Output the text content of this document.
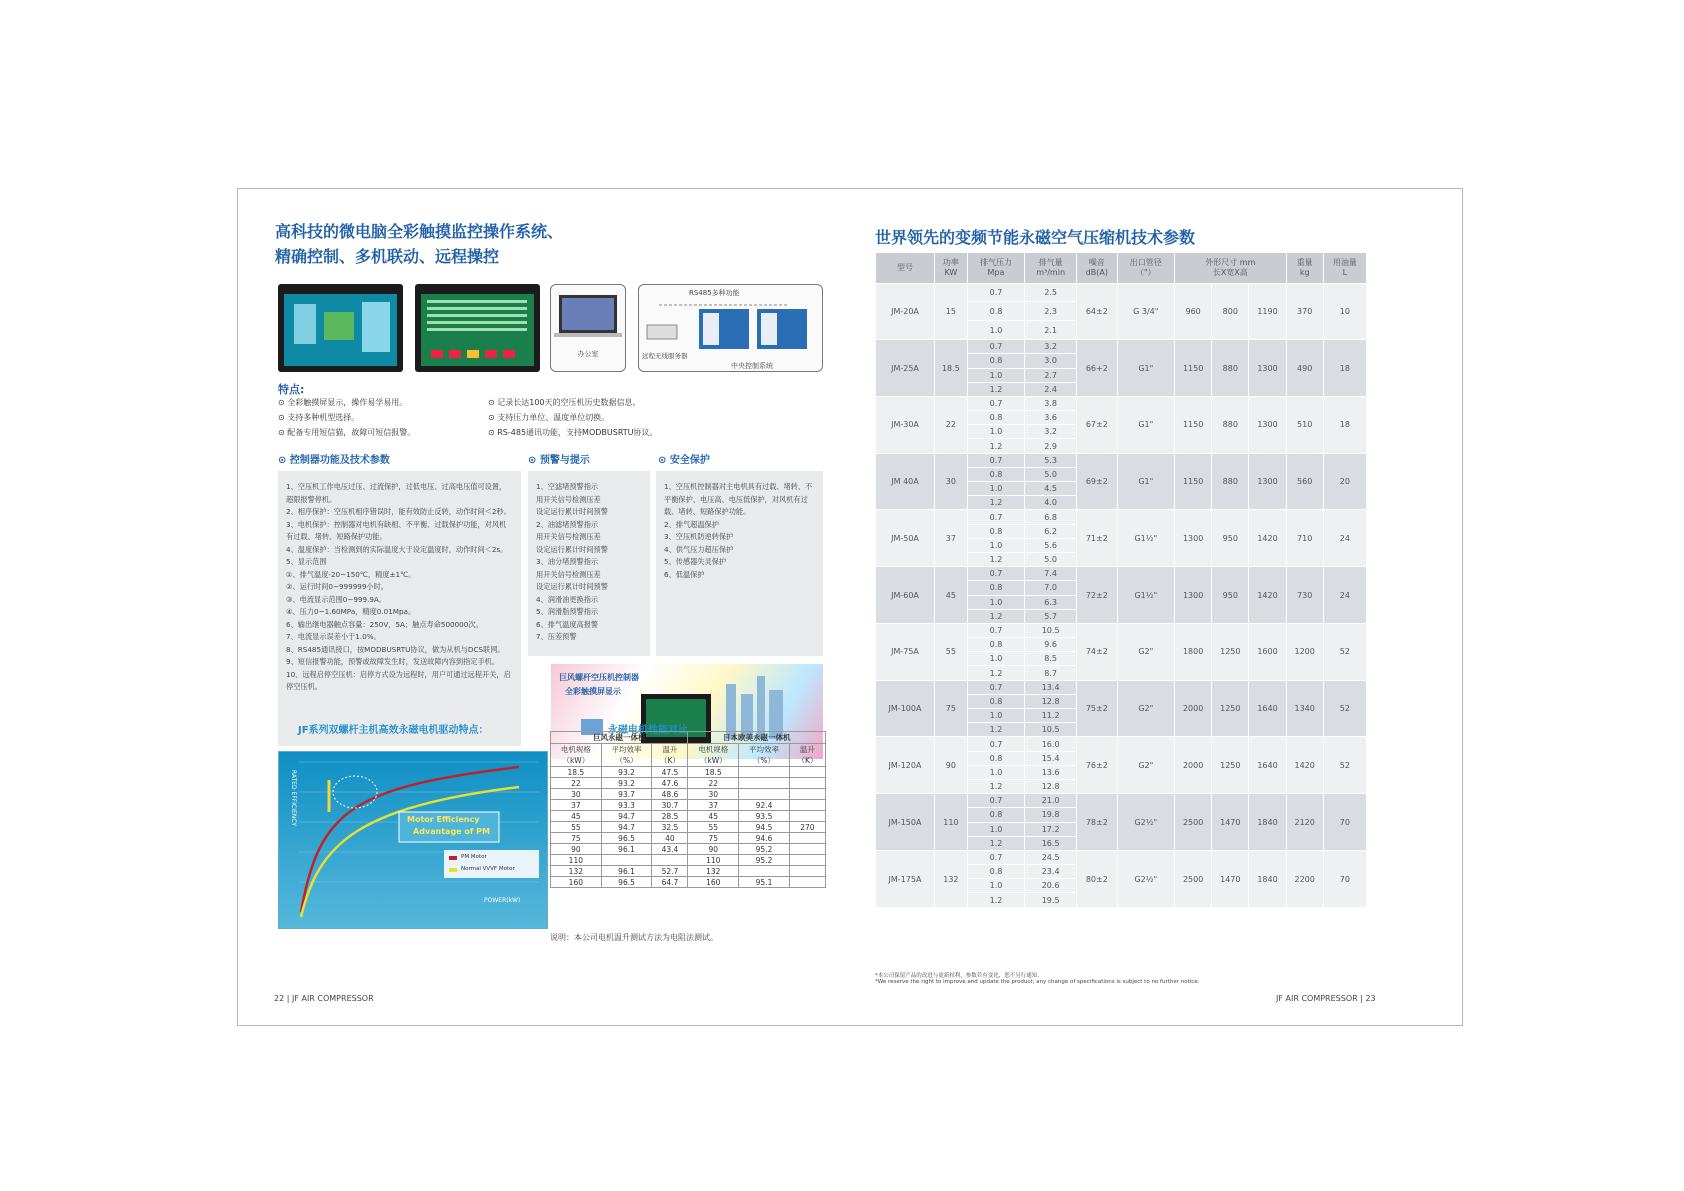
高科技的微电脑全彩触摸监控操作系统、
精确控制、多机联动、远程操控
办公室
RS485多种功能
远程无线服务器
中央控制系统
特点:
⊙ 全彩触摸屏显示，操作易学易用。
⊙ 支持多种机型选择。
⊙ 配备专用短信猫，故障可短信报警。
⊙ 记录长达100天的空压机历史数据信息。
⊙ 支持压力单位、温度单位切换。
⊙ RS-485通讯功能，支持MODBUSRTU协议。
⊙ 控制器功能及技术参数	⊙ 预警与提示	⊙ 安全保护
1、空压机工作电压过压、过流保护，过低电压、过高电压值可设置，超限报警停机。
2、相序保护：空压机相序错误时，能有效防止反转，动作时间＜2秒。
3、电机保护：控制器对电机有缺相、不平衡、过载保护功能，对风机有过载、堵转、短路保护功能。
4、温度保护：当检测到的实际温度大于设定温度时，动作时间＜2s。
5、显示范围
①、排气温度-20~150℃，精度±1℃。
②、运行时间0~999999小时。
③、电流显示范围0~999.9A。
④、压力0~1.60MPa，精度0.01Mpa。
6、输出继电器触点容量：250V，5A；触点寿命500000次。
7、电流显示误差小于1.0%。
8、RS485通讯接口，按MODBUSRTU协议，做为从机与DCS联网。
9、短信报警功能，预警或故障发生时，发送故障内容到指定手机。
10、远程启停空压机：启停方式设为远程时，用户可通过远程开关，启停空压机。
1、空滤堵预警指示
用开关信号检测压差
设定运行累计时间预警
2、油滤堵预警指示
用开关信号检测压差
设定运行累计时间预警
3、油分堵预警指示
用开关信号检测压差
设定运行累计时间预警
4、润滑油更换指示
5、润滑脂预警指示
6、排气温度高报警
7、压差预警
1、空压机控制器对主电机具有过载、堵转、不平衡保护、电压高、电压低保护，对风机有过载、堵转、短路保护功能。
2、排气超温保护
3、空压机防逆转保护
4、供气压力超压保护
5、传感器失灵保护
6、低温保护
巨风螺杆空压机控制器
全彩触摸屏显示
JF系列双螺杆主机高效永磁电机驱动特点：	永磁电机性能对比
Motor Efficiency
Advantage of PM
PM Motor
Normal VVVF Motor
POWER(kW)
RATED EFFICIENCY
巨风永磁一体机			日本欧美永磁一体机		
电机规格
（kW）	平均效率
（%）	温升
（K）	电机规格
（kW）	平均效率
（%）	温升
（K）
18.5	93.2	47.5	18.5		
22	93.2	47.6	22		
30	93.7	48.6	30		
37	93.3	30.7	37	92.4	
45	94.7	28.5	45	93.5	
55	94.7	32.5	55	94.5	270
75	96.5	40	75	94.6	
90	96.1	43.4	90	95.2	
110			110	95.2	
132	96.1	52.7	132		
160	96.5	64.7	160	95.1	
说明：本公司电机温升测试方法为电阻法测试。
22 | JF AIR COMPRESSOR
世界领先的变频节能永磁空气压缩机技术参数
型号	功率
KW	排气压力
Mpa	排气量
m³/min	噪音
dB(A)	出口管径
（"）	外形尺寸 mm
长X宽X高			重量
kg	用油量
L
JM-20A	15	0.7	2.5	64±2	G 3/4"	960	800	1190	370	10
		0.8	2.3							
		1.0	2.1							
JM-25A	18.5	0.7	3.2	66+2	G1"	1150	880	1300	490	18
		0.8	3.0							
		1.0	2.7							
		1.2	2.4							
JM-30A	22	0.7	3.8	67±2	G1"	1150	880	1300	510	18
		0.8	3.6							
		1.0	3.2							
		1.2	2.9							
JM 40A	30	0.7	5.3	69±2	G1"	1150	880	1300	560	20
		0.8	5.0							
		1.0	4.5							
		1.2	4.0							
JM-50A	37	0.7	6.8	71±2	G1½"	1300	950	1420	710	24
		0.8	6.2							
		1.0	5.6							
		1.2	5.0							
JM-60A	45	0.7	7.4	72±2	G1½"	1300	950	1420	730	24
		0.8	7.0							
		1.0	6.3							
		1.2	5.7							
JM-75A	55	0.7	10.5	74±2	G2"	1800	1250	1600	1200	52
		0.8	9.6							
		1.0	8.5							
		1.2	8.7							
JM-100A	75	0.7	13.4	75±2	G2"	2000	1250	1640	1340	52
		0.8	12.8							
		1.0	11.2							
		1.2	10.5							
JM-120A	90	0.7	16.0	76±2	G2"	2000	1250	1640	1420	52
		0.8	15.4							
		1.0	13.6							
		1.2	12.8							
JM-150A	110	0.7	21.0	78±2	G2½"	2500	1470	1840	2120	70
		0.8	19.8							
		1.0	17.2							
		1.2	16.5							
JM-175A	132	0.7	24.5	80±2	G2½"	2500	1470	1840	2200	70
		0.8	23.4							
		1.0	20.6							
		1.2	19.5							
*本公司保留产品的改进与更新权利，参数若有变化，恕不另行通知。
*We reserve the right to improve and update the product; any change of specifications is subject to no further notice.
JF AIR COMPRESSOR | 23
